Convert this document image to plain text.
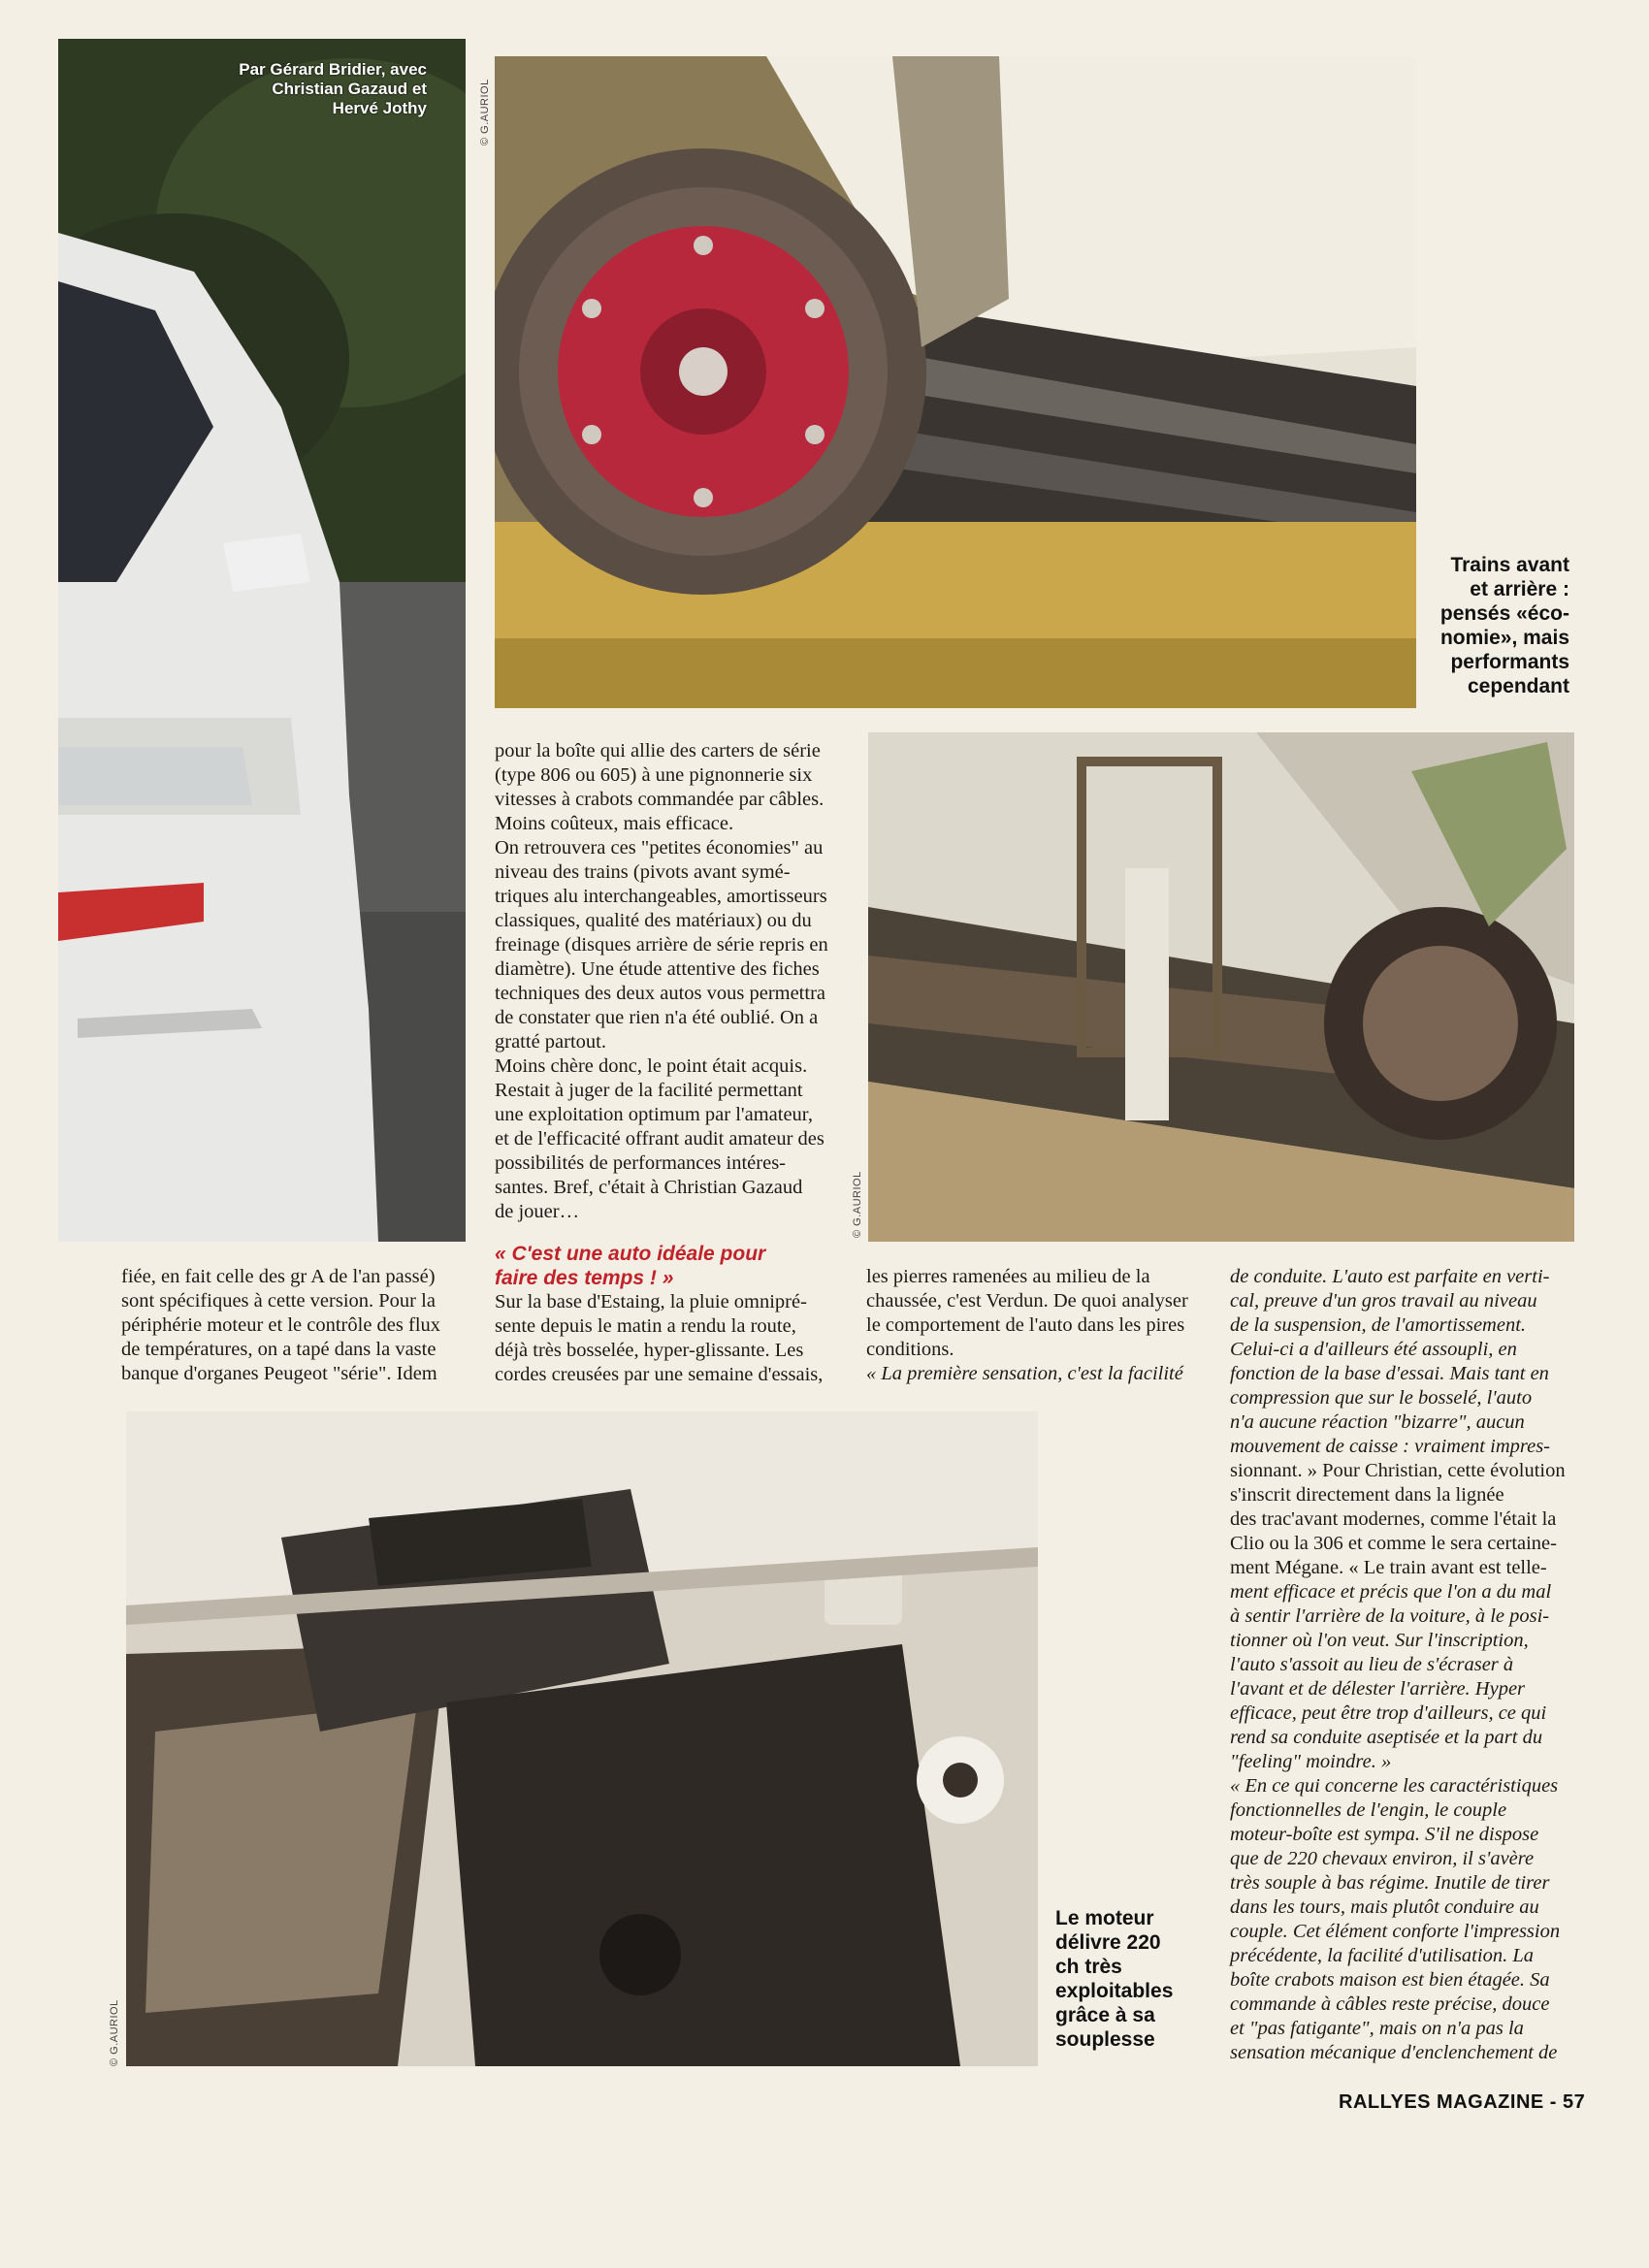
Par Gérard Bridier, avec
Christian Gazaud et
Hervé Jothy	© G.AURIOL
Trains avant
et arrière :
pensés «éco-
nomie», mais
performants
cependant
© G.AURIOL

pour la boîte qui allie des carters de série

(type 806 ou 605) à une pignonnerie six

vitesses à crabots commandée par câbles.

Moins coûteux, mais efficace.

On retrouvera ces "petites économies" au

niveau des trains (pivots avant symé-

triques alu interchangeables, amortisseurs

classiques, qualité des matériaux) ou du

freinage (disques arrière de série repris en

diamètre). Une étude attentive des fiches

techniques des deux autos vous permettra

de constater que rien n'a été oublié. On a

gratté partout.

Moins chère donc, le point était acquis.

Restait à juger de la facilité permettant

une exploitation optimum par l'amateur,

et de l'efficacité offrant audit amateur des

possibilités de performances intéres-

santes. Bref, c'était à Christian Gazaud

de jouer…

fiée, en fait celle des gr A de l'an passé)

sont spécifiques à cette version. Pour la

périphérie moteur et le contrôle des flux

de températures, on a tapé dans la vaste

banque d'organes Peugeot "série". Idem

« C'est une auto idéale pour
faire des temps ! »

Sur la base d'Estaing, la pluie omnipré-

sente depuis le matin a rendu la route,

déjà très bosselée, hyper-glissante. Les

cordes creusées par une semaine d'essais,

les pierres ramenées au milieu de la

chaussée, c'est Verdun. De quoi analyser

le comportement de l'auto dans les pires

conditions.

« La première sensation, c'est la facilité

de conduite. L'auto est parfaite en verti-

cal, preuve d'un gros travail au niveau

de la suspension, de l'amortissement.

Celui-ci a d'ailleurs été assoupli, en

fonction de la base d'essai. Mais tant en

compression que sur le bosselé, l'auto

n'a aucune réaction "bizarre", aucun

mouvement de caisse : vraiment impres-

sionnant. » Pour Christian, cette évolution

s'inscrit directement dans la lignée

des trac'avant modernes, comme l'était la

Clio ou la 306 et comme le sera certaine-

ment Mégane. « Le train avant est telle-

ment efficace et précis que l'on a du mal

à sentir l'arrière de la voiture, à le posi-

tionner où l'on veut. Sur l'inscription,

l'auto s'assoit au lieu de s'écraser à

l'avant et de délester l'arrière. Hyper

efficace, peut être trop d'ailleurs, ce qui

rend sa conduite aseptisée et la part du

"feeling" moindre. »

« En ce qui concerne les caractéristiques

fonctionnelles de l'engin, le couple

moteur-boîte est sympa. S'il ne dispose

que de 220 chevaux environ, il s'avère

très souple à bas régime. Inutile de tirer

dans les tours, mais plutôt conduire au

couple. Cet élément conforte l'impression

précédente, la facilité d'utilisation. La

boîte crabots maison est bien étagée. Sa

commande à câbles reste précise, douce

et "pas fatigante", mais on n'a pas la

sensation mécanique d'enclenchement de

© G.AURIOL
Le moteur
délivre 220
ch très
exploitables
grâce à sa
souplesse
RALLYES MAGAZINE - 57
